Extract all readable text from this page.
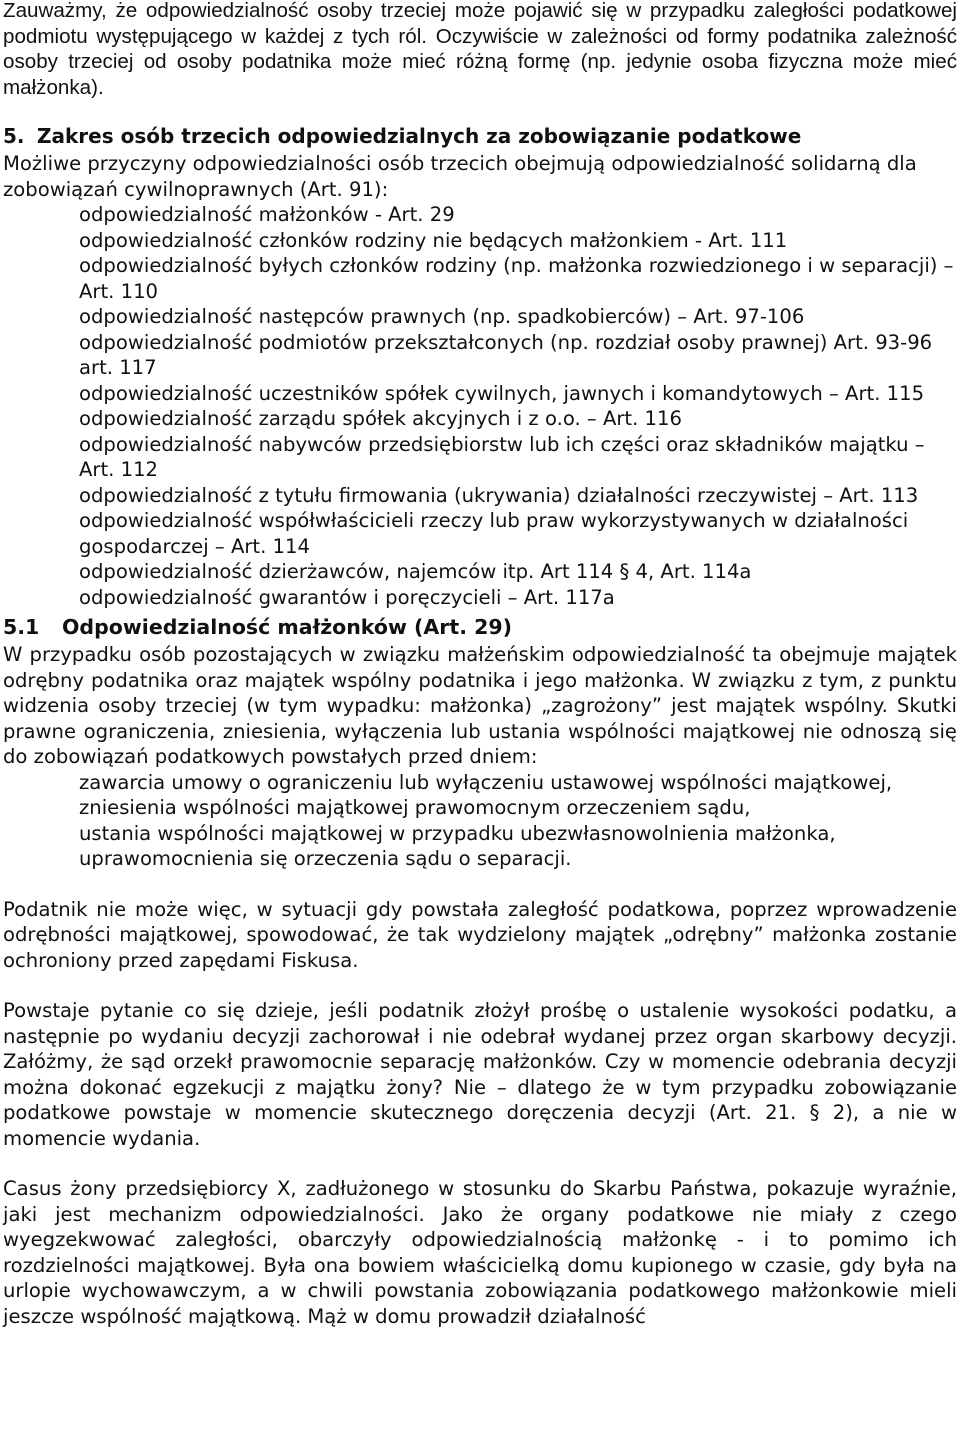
Zauważmy, że odpowiedzialność osoby trzeciej może pojawić się w przypadku zaległości podatkowej podmiotu występującego w każdej z tych ról. Oczywiście w zależności od formy podatnika zależność osoby trzeciej od osoby podatnika może mieć różną formę (np. jedynie osoba fizyczna może mieć małżonka).

5. Zakres osób trzecich odpowiedzialnych za zobowiązanie podatkowe

Możliwe przyczyny odpowiedzialności osób trzecich obejmują odpowiedzialność solidarną dla zobowiązań cywilnoprawnych (Art. 91):

odpowiedzialność małżonków - Art. 29
odpowiedzialność członków rodziny nie będących małżonkiem - Art. 111
odpowiedzialność byłych członków rodziny (np. małżonka rozwiedzionego i w separacji) – Art. 110
odpowiedzialność następców prawnych (np. spadkobierców) – Art. 97-106
odpowiedzialność podmiotów przekształconych (np. rozdział osoby prawnej) Art. 93-96 art. 117
odpowiedzialność uczestników spółek cywilnych, jawnych i komandytowych – Art. 115
odpowiedzialność zarządu spółek akcyjnych i z o.o. – Art. 116
odpowiedzialność nabywców przedsiębiorstw lub ich części oraz składników majątku – Art. 112
odpowiedzialność z tytułu firmowania (ukrywania) działalności rzeczywistej – Art. 113
odpowiedzialność współwłaścicieli rzeczy lub praw wykorzystywanych w działalności gospodarczej – Art. 114
odpowiedzialność dzierżawców, najemców itp. Art 114 § 4, Art. 114a
odpowiedzialność gwarantów i poręczycieli – Art. 117a
5.1 Odpowiedzialność małżonków (Art. 29)

W przypadku osób pozostających w związku małżeńskim odpowiedzialność ta obejmuje majątek odrębny podatnika oraz majątek wspólny podatnika i jego małżonka. W związku z tym, z punktu widzenia osoby trzeciej (w tym wypadku: małżonka) „zagrożony” jest majątek wspólny. Skutki prawne ograniczenia, zniesienia, wyłączenia lub ustania wspólności majątkowej nie odnoszą się do zobowiązań podatkowych powstałych przed dniem:

zawarcia umowy o ograniczeniu lub wyłączeniu ustawowej wspólności majątkowej,
zniesienia wspólności majątkowej prawomocnym orzeczeniem sądu,
ustania wspólności majątkowej w przypadku ubezwłasnowolnienia małżonka,
uprawomocnienia się orzeczenia sądu o separacji.

Podatnik nie może więc, w sytuacji gdy powstała zaległość podatkowa, poprzez wprowadzenie odrębności majątkowej, spowodować, że tak wydzielony majątek „odrębny” małżonka zostanie ochroniony przed zapędami Fiskusa.

Powstaje pytanie co się dzieje, jeśli podatnik złożył prośbę o ustalenie wysokości podatku, a następnie po wydaniu decyzji zachorował i nie odebrał wydanej przez organ skarbowy decyzji. Załóżmy, że sąd orzekł prawomocnie separację małżonków. Czy w momencie odebrania decyzji można dokonać egzekucji z majątku żony? Nie – dlatego że w tym przypadku zobowiązanie podatkowe powstaje w momencie skutecznego doręczenia decyzji (Art. 21. § 2), a nie w momencie wydania.

Casus żony przedsiębiorcy X, zadłużonego w stosunku do Skarbu Państwa, pokazuje wyraźnie, jaki jest mechanizm odpowiedzialności. Jako że organy podatkowe nie miały z czego wyegzekwować zaległości, obarczyły odpowiedzialnością małżonkę - i to pomimo ich rozdzielności majątkowej. Była ona bowiem właścicielką domu kupionego w czasie, gdy była na urlopie wychowawczym, a w chwili powstania zobowiązania podatkowego małżonkowie mieli jeszcze wspólność majątkową. Mąż w domu prowadził działalność
